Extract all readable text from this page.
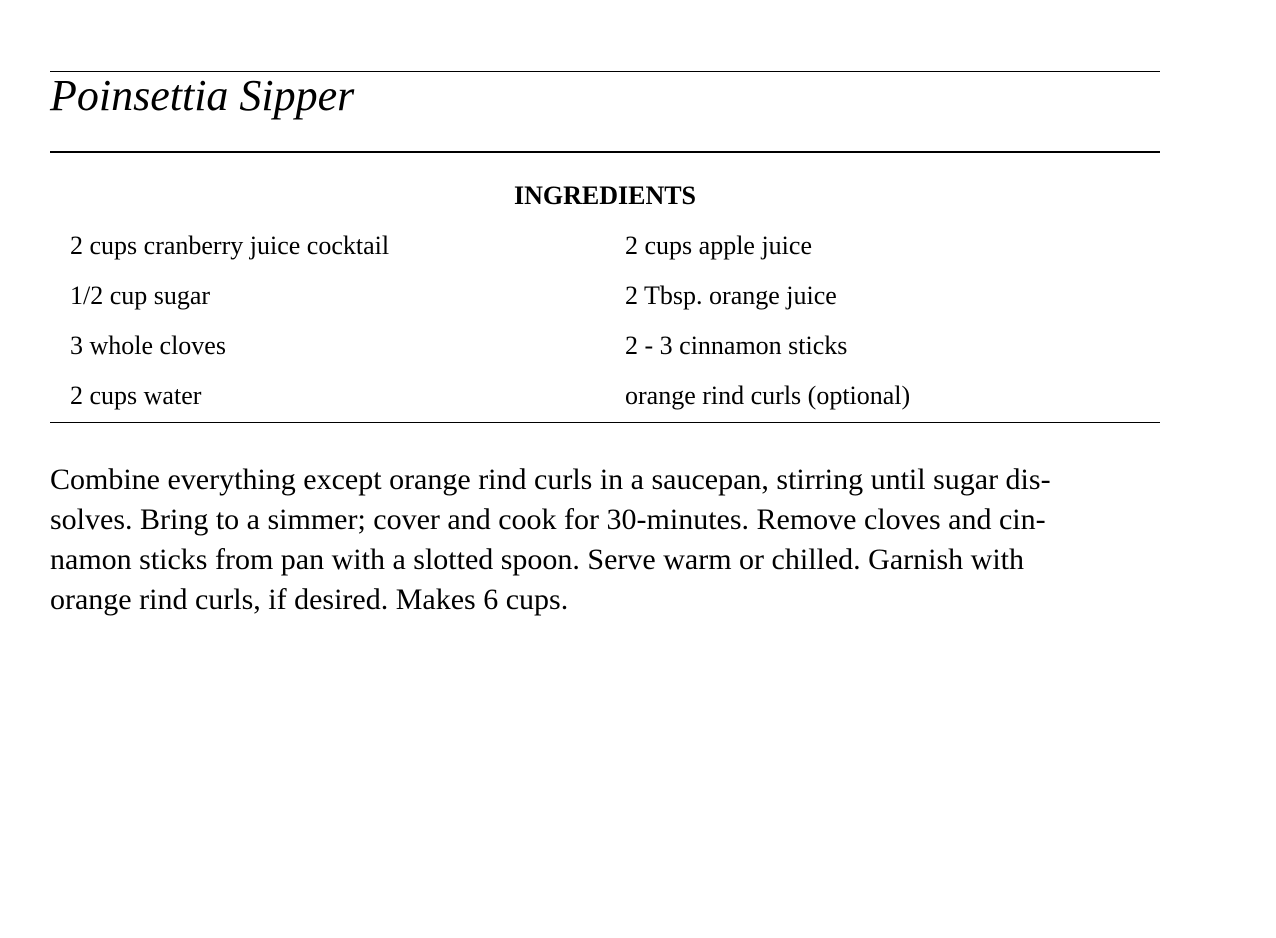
Poinsettia Sipper
INGREDIENTS
2 cups cranberry juice cocktail	2 cups apple juice
1/2 cup sugar	2 Tbsp. orange juice
3 whole cloves	2 - 3 cinnamon sticks
2 cups water	orange rind curls (optional)

Combine everything except orange rind curls in a saucepan, stirring until sugar dis-
solves. Bring to a simmer; cover and cook for 30-minutes. Remove cloves and cin-
namon sticks from pan with a slotted spoon. Serve warm or chilled. Garnish with
orange rind curls, if desired. Makes 6 cups.
